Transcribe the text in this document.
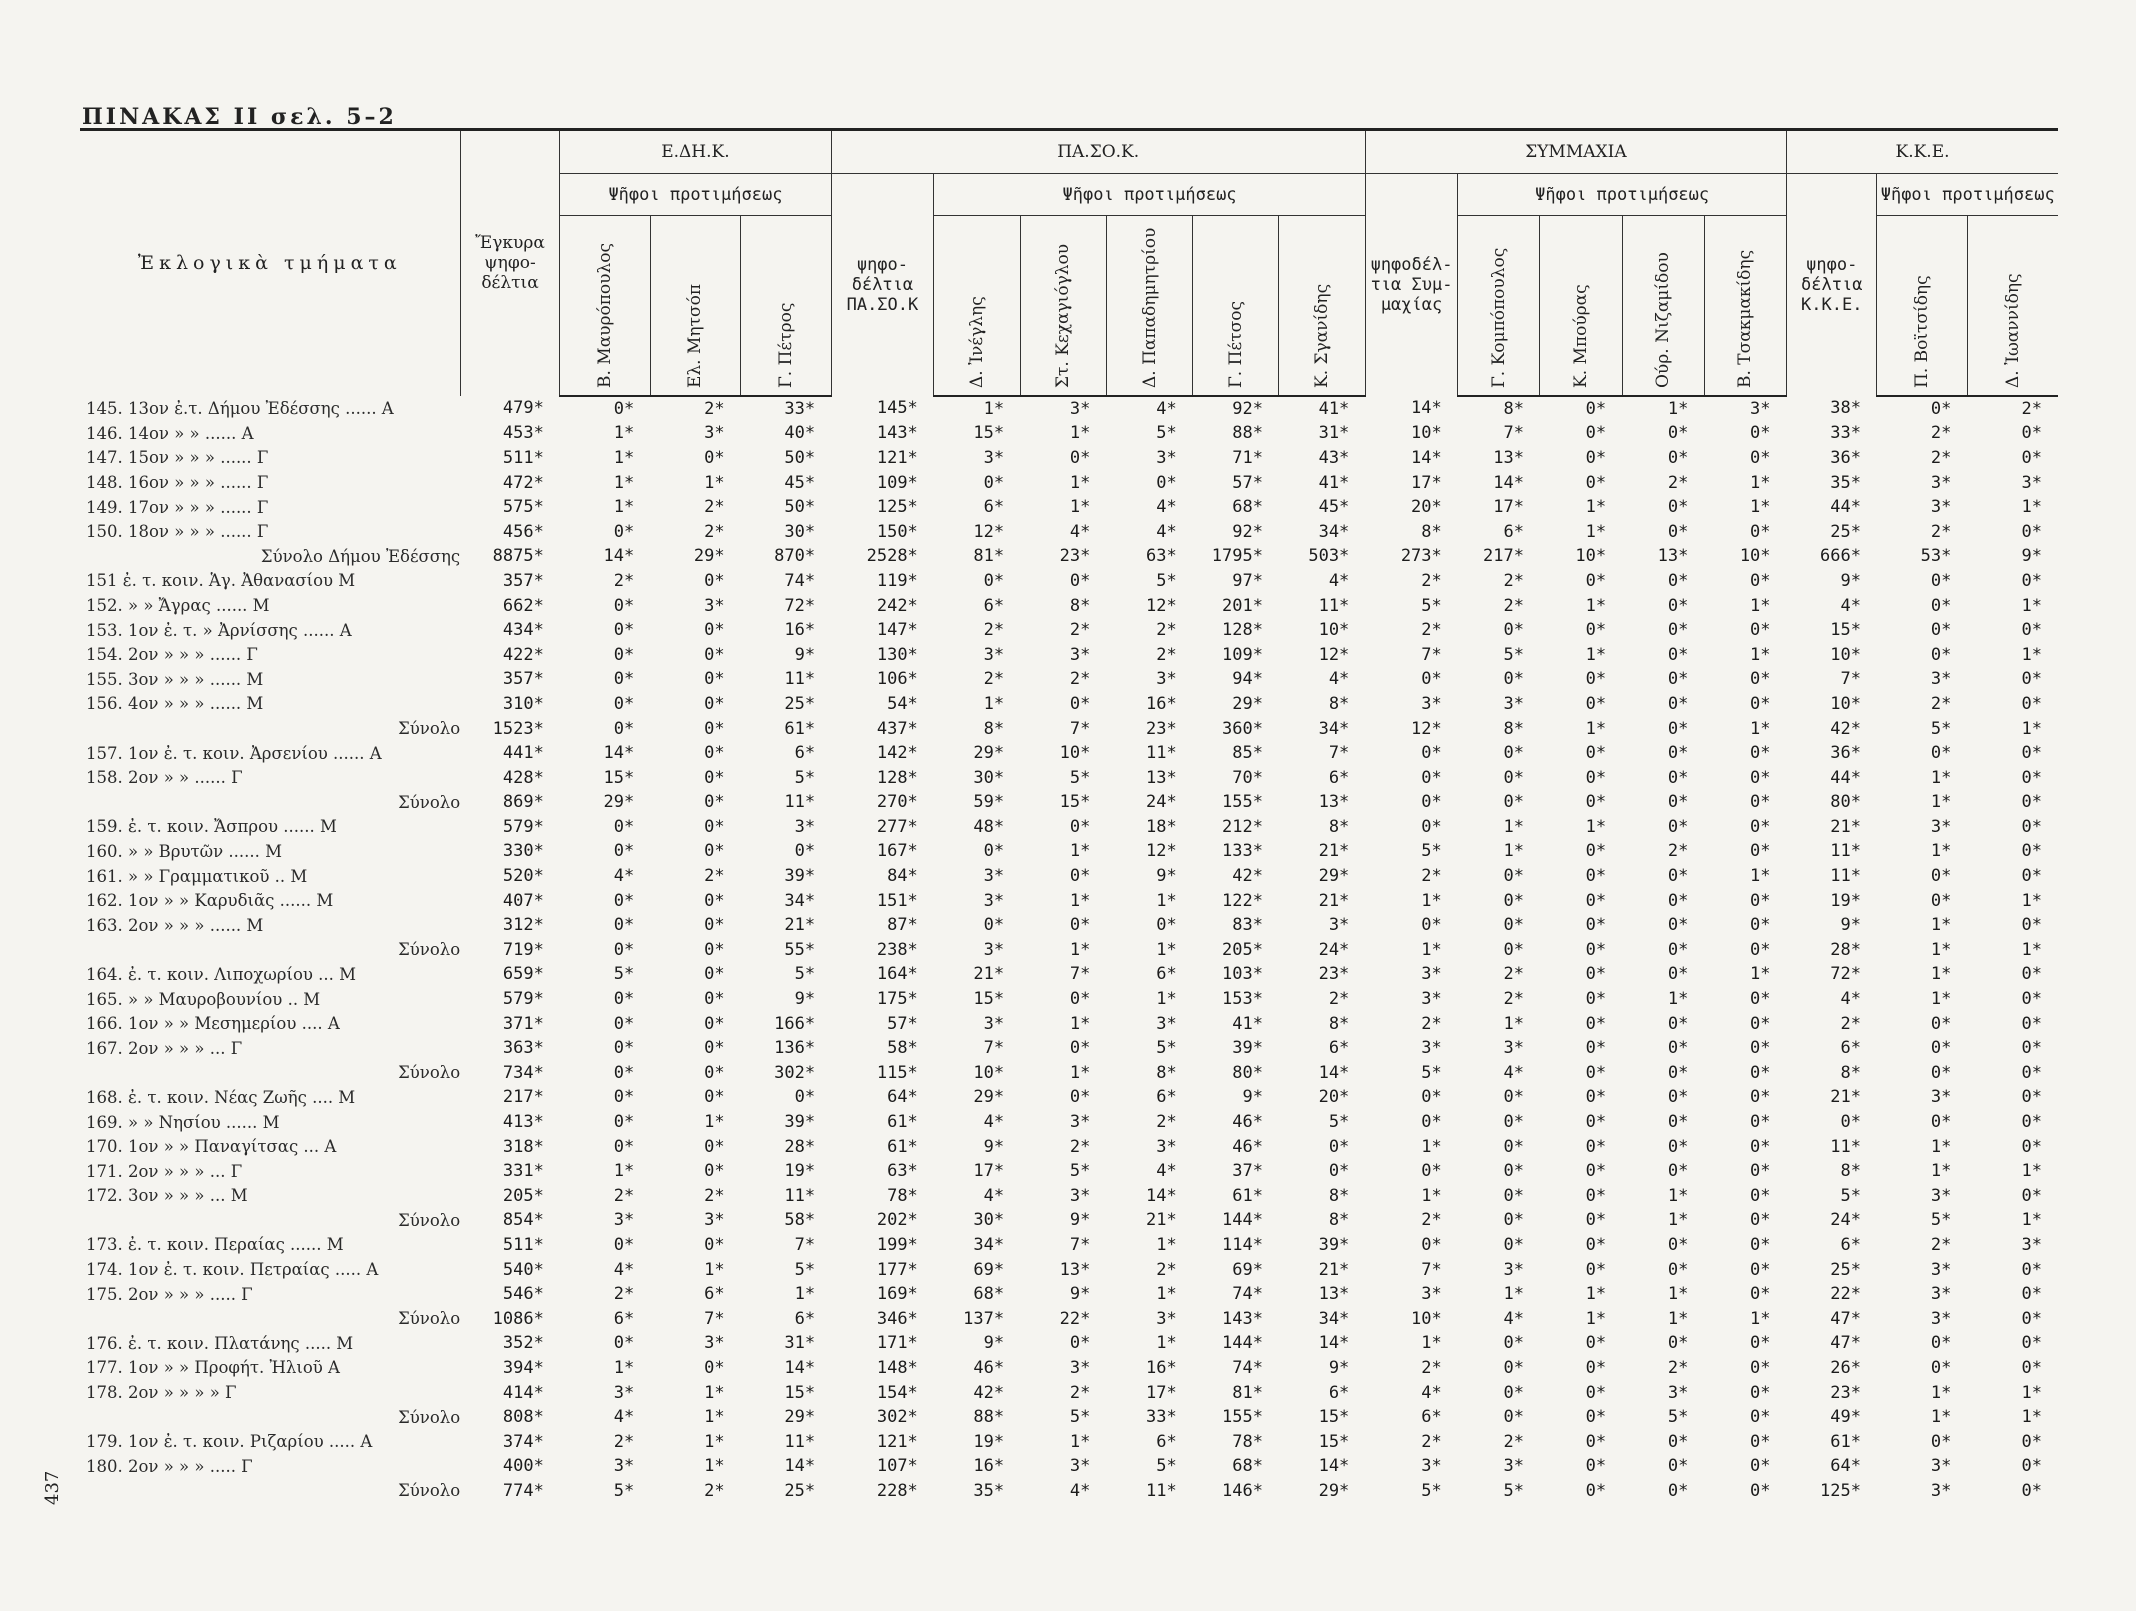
ΠΙΝΑΚΑΣ ΙΙ σελ. 5–2
437
Ἐκλογικὰ τμήματα	Ἔγκυρα ψηφο- δέλτια	Ε.ΔΗ.Κ.			ΠΑ.ΣΟ.Κ.						ΣΥΜΜΑΧΙΑ					Κ.Κ.Ε.		
		Ψῆφοι προτιμήσεως			ψηφο- δέλτια ΠΑ.ΣΟ.Κ	Ψῆφοι προτιμήσεως					ψηφοδέλ- τια Συμ- μαχίας	Ψῆφοι προτιμήσεως				ψηφο- δέλτια Κ.Κ.Ε.	Ψῆφοι προτιμήσεως	
		Β. Μαυρόπουλος	Ελ. Μητσόπ	Γ. Πέτρος		Δ. Ἰνέγλης	Στ. Κεχαγιόγλου	Δ. Παπαδημητρίου	Γ. Πέτσος	Κ. Σγανίδης		Γ. Κομπόπουλος	Κ. Μπούρας	Ούρ. Νιζαμίδου	Β. Τσακμακίδης		Π. Βοϊτσίδης	Δ. Ἰωαννίδης
145. 13ον ἐ.τ. Δήμου Ἐδέσσης ...... Α	479*	0*	2*	33*	145*	1*	3*	4*	92*	41*	14*	8*	0*	1*	3*	38*	0*	2*
146. 14ον » » ...... Α	453*	1*	3*	40*	143*	15*	1*	5*	88*	31*	10*	7*	0*	0*	0*	33*	2*	0*
147. 15ον » » » ...... Γ	511*	1*	0*	50*	121*	3*	0*	3*	71*	43*	14*	13*	0*	0*	0*	36*	2*	0*
148. 16ον » » » ...... Γ	472*	1*	1*	45*	109*	0*	1*	0*	57*	41*	17*	14*	0*	2*	1*	35*	3*	3*
149. 17ον » » » ...... Γ	575*	1*	2*	50*	125*	6*	1*	4*	68*	45*	20*	17*	1*	0*	1*	44*	3*	1*
150. 18ον » » » ...... Γ	456*	0*	2*	30*	150*	12*	4*	4*	92*	34*	8*	6*	1*	0*	0*	25*	2*	0*
Σύνολο Δήμου Ἐδέσσης	8875*	14*	29*	870*	2528*	81*	23*	63*	1795*	503*	273*	217*	10*	13*	10*	666*	53*	9*
151 ἐ. τ. κοιν. Ἁγ. Ἀθανασίου Μ	357*	2*	0*	74*	119*	0*	0*	5*	97*	4*	2*	2*	0*	0*	0*	9*	0*	0*
152. » » Ἄγρας ...... Μ	662*	0*	3*	72*	242*	6*	8*	12*	201*	11*	5*	2*	1*	0*	1*	4*	0*	1*
153. 1ον ἐ. τ. » Ἀρνίσσης ...... Α	434*	0*	0*	16*	147*	2*	2*	2*	128*	10*	2*	0*	0*	0*	0*	15*	0*	0*
154. 2ον » » » ...... Γ	422*	0*	0*	9*	130*	3*	3*	2*	109*	12*	7*	5*	1*	0*	1*	10*	0*	1*
155. 3ον » » » ...... Μ	357*	0*	0*	11*	106*	2*	2*	3*	94*	4*	0*	0*	0*	0*	0*	7*	3*	0*
156. 4ον » » » ...... Μ	310*	0*	0*	25*	54*	1*	0*	16*	29*	8*	3*	3*	0*	0*	0*	10*	2*	0*
Σύνολο	1523*	0*	0*	61*	437*	8*	7*	23*	360*	34*	12*	8*	1*	0*	1*	42*	5*	1*
157. 1ον ἐ. τ. κοιν. Ἀρσενίου ...... Α	441*	14*	0*	6*	142*	29*	10*	11*	85*	7*	0*	0*	0*	0*	0*	36*	0*	0*
158. 2ον » » ...... Γ	428*	15*	0*	5*	128*	30*	5*	13*	70*	6*	0*	0*	0*	0*	0*	44*	1*	0*
Σύνολο	869*	29*	0*	11*	270*	59*	15*	24*	155*	13*	0*	0*	0*	0*	0*	80*	1*	0*
159. ἐ. τ. κοιν. Ἄσπρου ...... Μ	579*	0*	0*	3*	277*	48*	0*	18*	212*	8*	0*	1*	1*	0*	0*	21*	3*	0*
160. » » Βρυτῶν ...... Μ	330*	0*	0*	0*	167*	0*	1*	12*	133*	21*	5*	1*	0*	2*	0*	11*	1*	0*
161. » » Γραμματικοῦ .. Μ	520*	4*	2*	39*	84*	3*	0*	9*	42*	29*	2*	0*	0*	0*	1*	11*	0*	0*
162. 1ον » » Καρυδιᾶς ...... Μ	407*	0*	0*	34*	151*	3*	1*	1*	122*	21*	1*	0*	0*	0*	0*	19*	0*	1*
163. 2ον » » » ...... Μ	312*	0*	0*	21*	87*	0*	0*	0*	83*	3*	0*	0*	0*	0*	0*	9*	1*	0*
Σύνολο	719*	0*	0*	55*	238*	3*	1*	1*	205*	24*	1*	0*	0*	0*	0*	28*	1*	1*
164. ἐ. τ. κοιν. Λιποχωρίου ... Μ	659*	5*	0*	5*	164*	21*	7*	6*	103*	23*	3*	2*	0*	0*	1*	72*	1*	0*
165. » » Μαυροβουνίου .. Μ	579*	0*	0*	9*	175*	15*	0*	1*	153*	2*	3*	2*	0*	1*	0*	4*	1*	0*
166. 1ον » » Μεσημερίου .... Α	371*	0*	0*	166*	57*	3*	1*	3*	41*	8*	2*	1*	0*	0*	0*	2*	0*	0*
167. 2ον » » » ... Γ	363*	0*	0*	136*	58*	7*	0*	5*	39*	6*	3*	3*	0*	0*	0*	6*	0*	0*
Σύνολο	734*	0*	0*	302*	115*	10*	1*	8*	80*	14*	5*	4*	0*	0*	0*	8*	0*	0*
168. ἐ. τ. κοιν. Νέας Ζωῆς .... Μ	217*	0*	0*	0*	64*	29*	0*	6*	9*	20*	0*	0*	0*	0*	0*	21*	3*	0*
169. » » Νησίου ...... Μ	413*	0*	1*	39*	61*	4*	3*	2*	46*	5*	0*	0*	0*	0*	0*	0*	0*	0*
170. 1ον » » Παναγίτσας ... Α	318*	0*	0*	28*	61*	9*	2*	3*	46*	0*	1*	0*	0*	0*	0*	11*	1*	0*
171. 2ον » » » ... Γ	331*	1*	0*	19*	63*	17*	5*	4*	37*	0*	0*	0*	0*	0*	0*	8*	1*	1*
172. 3ον » » » ... Μ	205*	2*	2*	11*	78*	4*	3*	14*	61*	8*	1*	0*	0*	1*	0*	5*	3*	0*
Σύνολο	854*	3*	3*	58*	202*	30*	9*	21*	144*	8*	2*	0*	0*	1*	0*	24*	5*	1*
173. ἐ. τ. κοιν. Περαίας ...... Μ	511*	0*	0*	7*	199*	34*	7*	1*	114*	39*	0*	0*	0*	0*	0*	6*	2*	3*
174. 1ον ἐ. τ. κοιν. Πετραίας ..... Α	540*	4*	1*	5*	177*	69*	13*	2*	69*	21*	7*	3*	0*	0*	0*	25*	3*	0*
175. 2ον » » » ..... Γ	546*	2*	6*	1*	169*	68*	9*	1*	74*	13*	3*	1*	1*	1*	0*	22*	3*	0*
Σύνολο	1086*	6*	7*	6*	346*	137*	22*	3*	143*	34*	10*	4*	1*	1*	1*	47*	3*	0*
176. ἐ. τ. κοιν. Πλατάνης ..... Μ	352*	0*	3*	31*	171*	9*	0*	1*	144*	14*	1*	0*	0*	0*	0*	47*	0*	0*
177. 1ον » » Προφήτ. Ἠλιοῦ Α	394*	1*	0*	14*	148*	46*	3*	16*	74*	9*	2*	0*	0*	2*	0*	26*	0*	0*
178. 2ον » » » » Γ	414*	3*	1*	15*	154*	42*	2*	17*	81*	6*	4*	0*	0*	3*	0*	23*	1*	1*
Σύνολο	808*	4*	1*	29*	302*	88*	5*	33*	155*	15*	6*	0*	0*	5*	0*	49*	1*	1*
179. 1ον ἐ. τ. κοιν. Ριζαρίου ..... Α	374*	2*	1*	11*	121*	19*	1*	6*	78*	15*	2*	2*	0*	0*	0*	61*	0*	0*
180. 2ον » » » ..... Γ	400*	3*	1*	14*	107*	16*	3*	5*	68*	14*	3*	3*	0*	0*	0*	64*	3*	0*
Σύνολο	774*	5*	2*	25*	228*	35*	4*	11*	146*	29*	5*	5*	0*	0*	0*	125*	3*	0*
